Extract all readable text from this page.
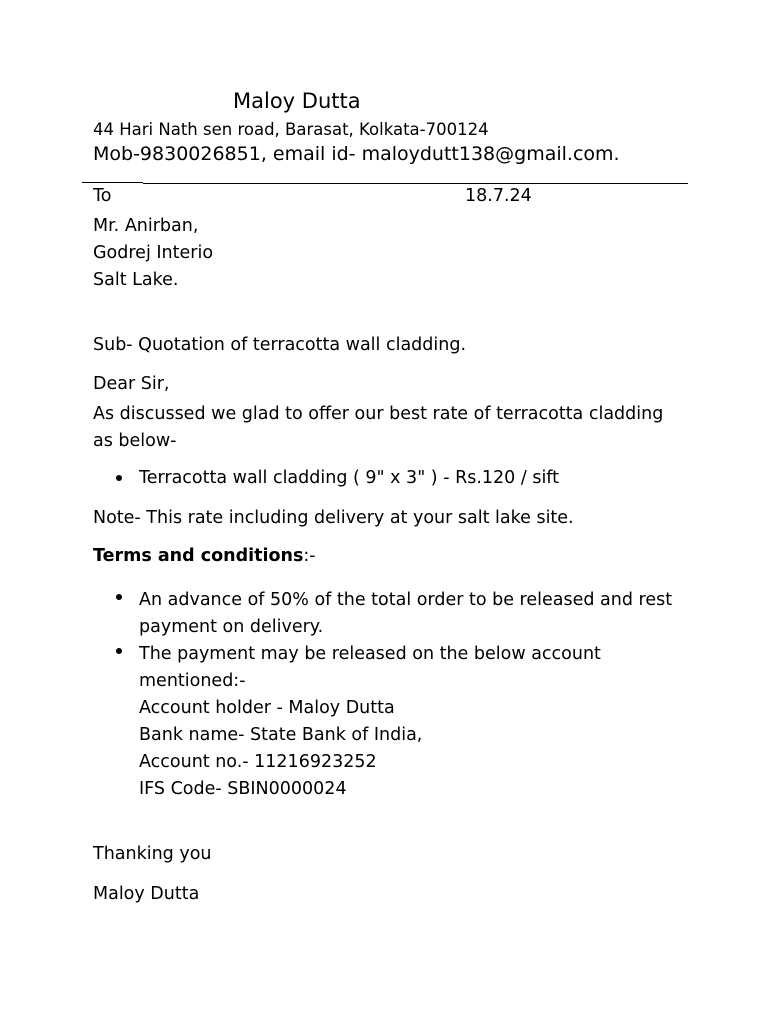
Maloy Dutta
44 Hari Nath sen road, Barasat, Kolkata-700124
Mob-9830026851, email id- maloydutt138@gmail.com.
To	18.7.24
Mr. Anirban,
Godrej Interio
Salt Lake.
Sub- Quotation of terracotta wall cladding.
Dear Sir,
As discussed we glad to offer our best rate of terracotta cladding as below-
Terracotta wall cladding ( 9" x 3" ) - Rs.120 / sift
Note- This rate including delivery at your salt lake site.
Terms and conditions:-
An advance of 50% of the total order to be released and rest payment on delivery.
The payment may be released on the below account mentioned:-
Account holder - Maloy Dutta
Bank name- State Bank of India,
Account no.- 11216923252
IFS Code- SBIN0000024
Thanking you
Maloy Dutta
